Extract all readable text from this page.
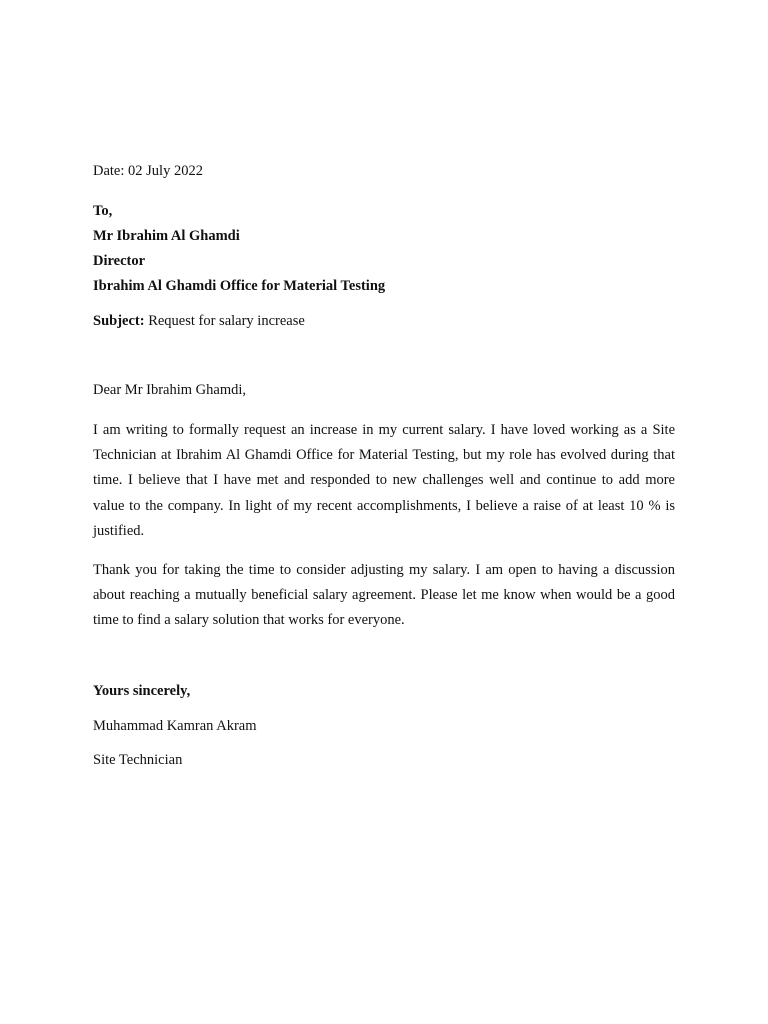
Date: 02 July 2022
To,
Mr Ibrahim Al Ghamdi
Director
Ibrahim Al Ghamdi Office for Material Testing
Subject: Request for salary increase
Dear Mr Ibrahim Ghamdi,

I am writing to formally request an increase in my current salary. I have loved working as a Site Technician at Ibrahim Al Ghamdi Office for Material Testing, but my role has evolved during that time. I believe that I have met and responded to new challenges well and continue to add more value to the company. In light of my recent accomplishments, I believe a raise of at least 10 % is justified.

Thank you for taking the time to consider adjusting my salary. I am open to having a discussion about reaching a mutually beneficial salary agreement. Please let me know when would be a good time to find a salary solution that works for everyone.

Yours sincerely,
Muhammad Kamran Akram
Site Technician
